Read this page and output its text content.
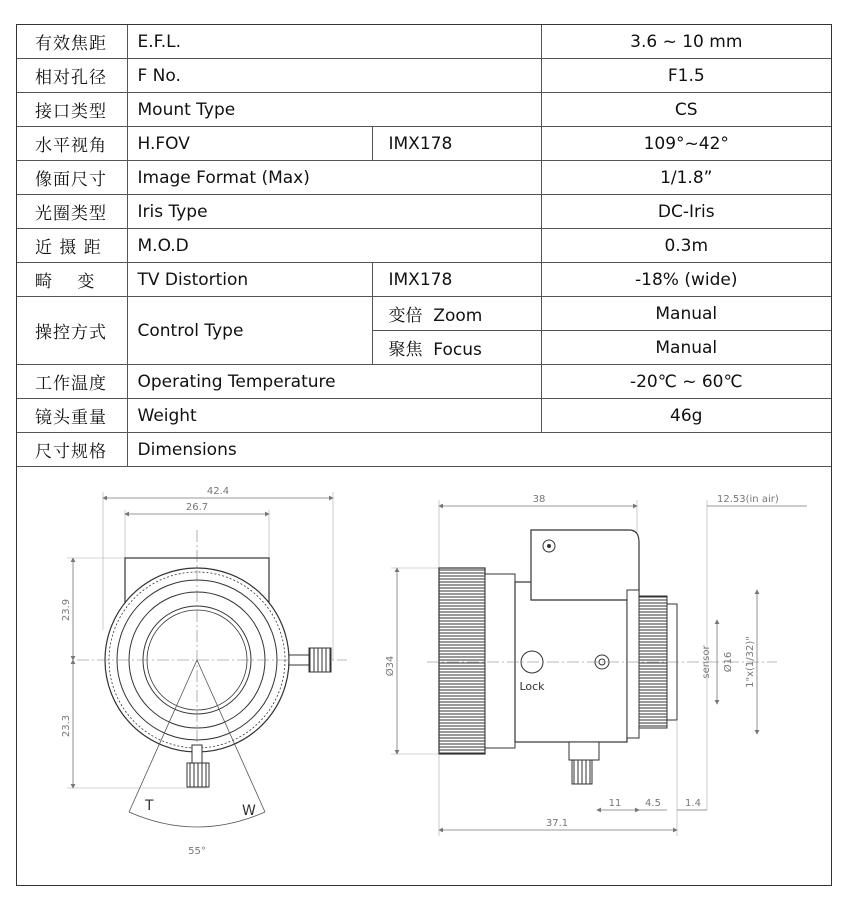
有效焦距	E.F.L.		3.6 ~ 10 mm
相对孔径	F No.		F1.5
接口类型	Mount Type		CS
水平视角	H.FOV	IMX178	109°~42°
像面尺寸	Image Format (Max)		1/1.8”
光圈类型	Iris Type		DC-Iris
近 摄 距	M.O.D		0.3m
畸　 变	TV Distortion	IMX178	-18% (wide)
操控方式	Control Type	变倍  Zoom	Manual
		聚焦  Focus	Manual
工作温度	Operating Temperature		-20℃ ~ 60℃
镜头重量	Weight		46g
尺寸规格	Dimensions		
42.4
26.7
23.9
23.3
T	W
55°
38	12.53(in air)
Ø34
Lock
sensor Ø16 1"x(1/32)"
11 4.5 1.4
37.1
